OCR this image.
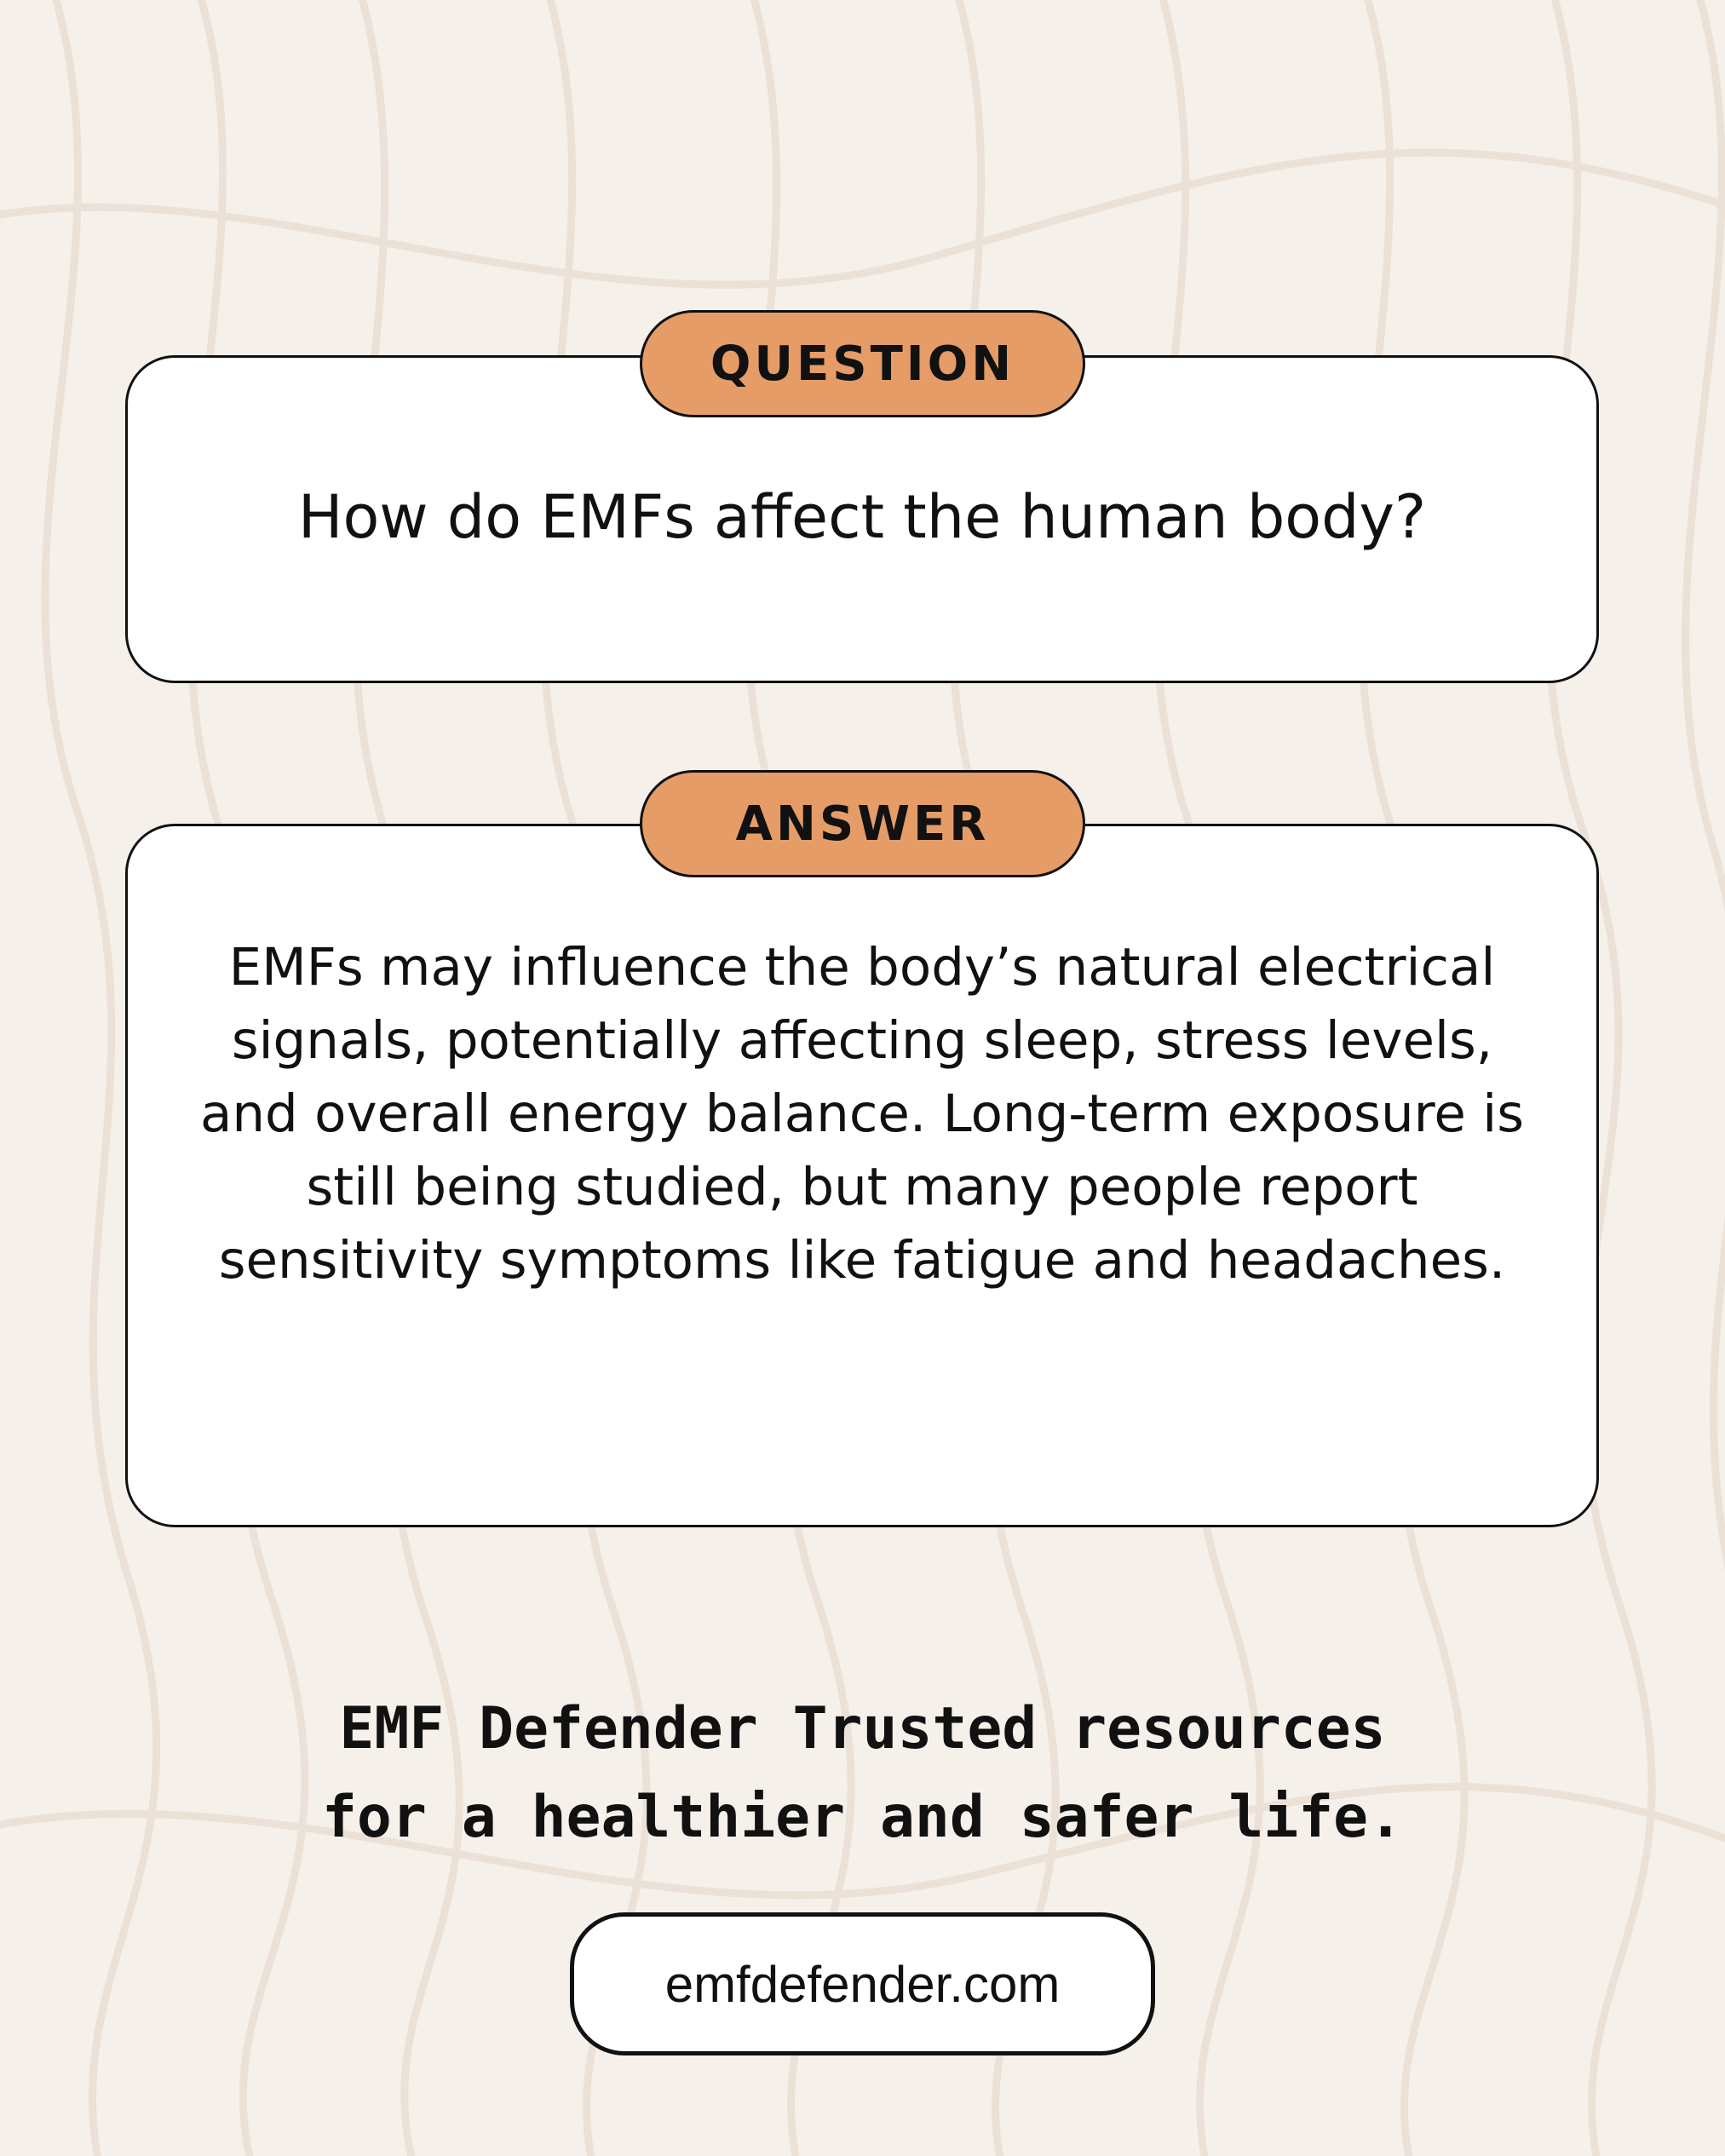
How do EMFs affect the human body?
QUESTION
EMFs may influence the body’s natural electrical signals, potentially affecting sleep, stress levels, and overall energy balance. Long-term exposure is still being studied, but many people report sensitivity symptoms like fatigue and headaches.
ANSWER
EMF Defender Trusted resources
for a healthier and safer life.
emfdefender.com
